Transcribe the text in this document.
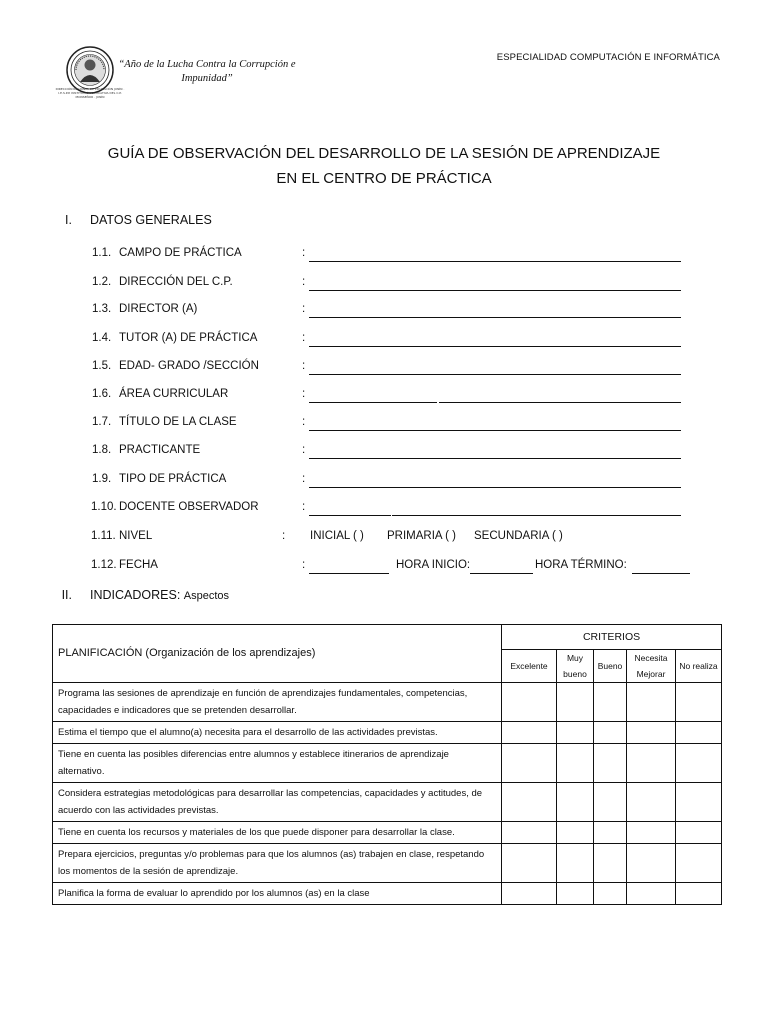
DIRECCIÓN REGIONAL DE EDUCACIÓN JUNÍN · I.E.S.P.P. INSTITUCIÓN EDUCATIVA DEL C.P. MONSEÑOR · JUNÍN
“Año de la Lucha Contra la Corrupción e
Impunidad”
ESPECIALIDAD COMPUTACIÓN E INFORMÁTICA
GUÍA DE OBSERVACIÓN DEL DESARROLLO DE LA SESIÓN DE APRENDIZAJE
EN EL CENTRO DE PRÁCTICA
I. DATOS GENERALES
1.1. CAMPO DE PRÁCTICA	:
1.2. DIRECCIÓN DEL C.P.	:
1.3. DIRECTOR (A)	:
1.4. TUTOR (A) DE PRÁCTICA	:
1.5. EDAD- GRADO /SECCIÓN	:
1.6. ÁREA CURRICULAR	:
1.7. TÍTULO DE LA CLASE	:
1.8. PRACTICANTE	:
1.9. TIPO DE PRÁCTICA	:
1.10. DOCENTE OBSERVADOR	:
1.11. NIVEL	: INICIAL ( ) PRIMARIA ( ) SECUNDARIA ( )
1.12. FECHA	:	HORA INICIO:	HORA TÉRMINO:
II. INDICADORES: Aspectos
PLANIFICACIÓN (Organización de los aprendizajes)	CRITERIOS				
	Excelente	Muy bueno	Bueno	Necesita Mejorar	No realiza
Programa las sesiones de aprendizaje en función de aprendizajes fundamentales, competencias, capacidades e indicadores que se pretenden desarrollar.					
Estima el tiempo que el alumno(a) necesita para el desarrollo de las actividades previstas.					
Tiene en cuenta las posibles diferencias entre alumnos y establece itinerarios de aprendizaje alternativo.					
Considera estrategias metodológicas para desarrollar las competencias, capacidades y actitudes, de acuerdo con las actividades previstas.					
Tiene en cuenta los recursos y materiales de los que puede disponer para desarrollar la clase.					
Prepara ejercicios, preguntas y/o problemas para que los alumnos (as) trabajen en clase, respetando los momentos de la sesión de aprendizaje.					
Planifica la forma de evaluar lo aprendido por los alumnos (as) en la clase					
